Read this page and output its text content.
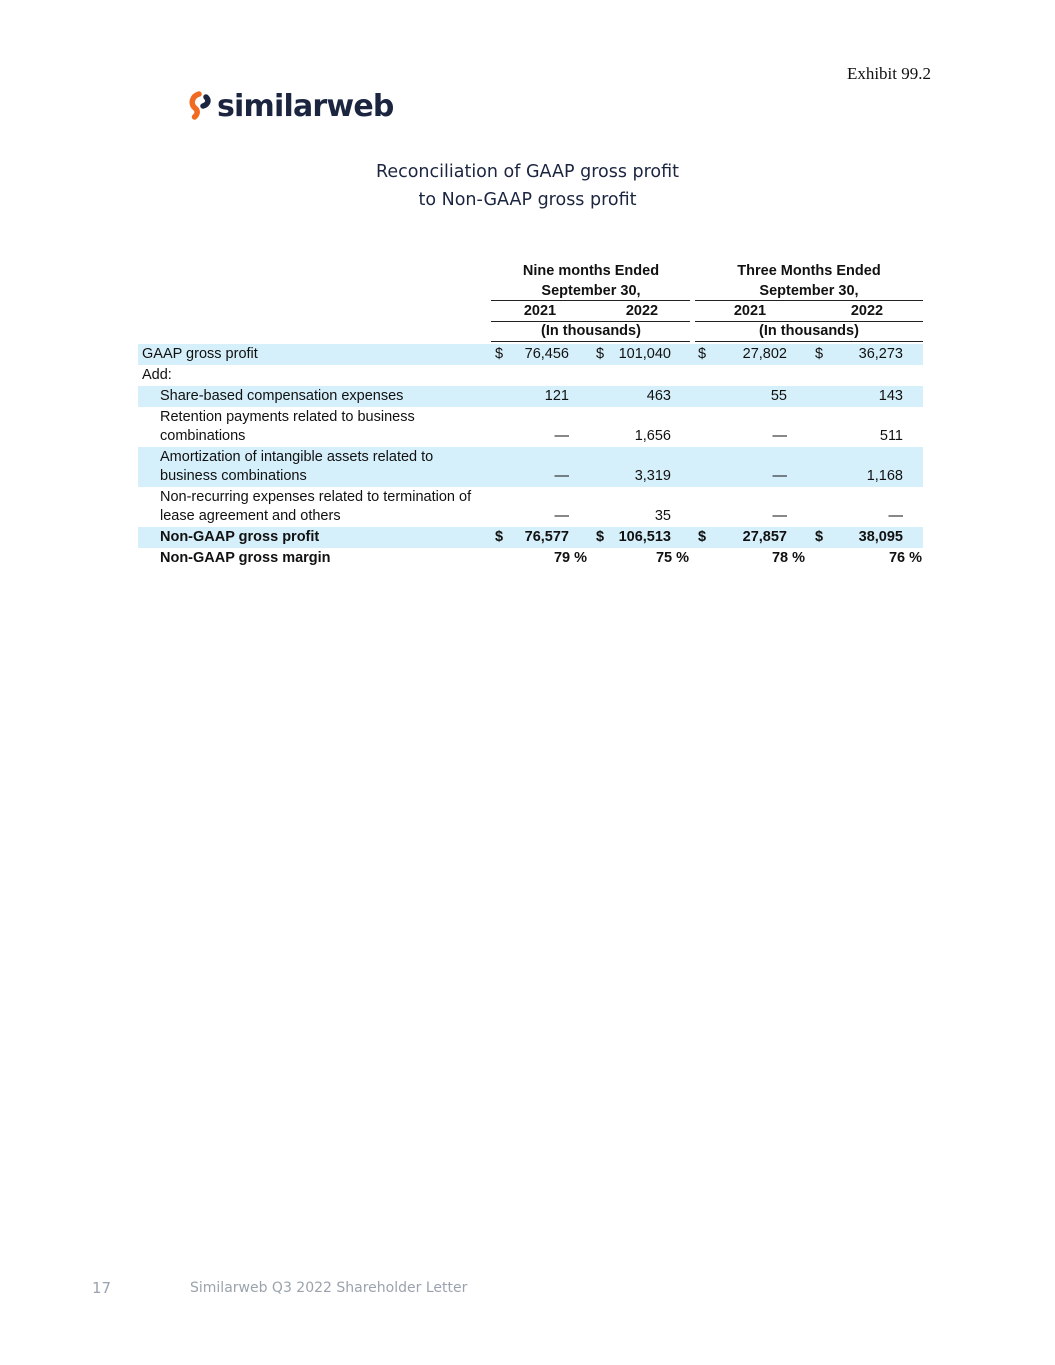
Exhibit 99.2
similarweb
Reconciliation of GAAP gross profit
to Non-GAAP gross profit
Nine months Ended	Three Months Ended
September 30,	September 30,
2021	2022	2021	2022
(In thousands)	(In thousands)
GAAP gross profit	$	76,456 $	101,040 $	27,802 $	36,273
Add:
Share-based compensation expenses	121	463	55	143
Retention payments related to business
combinations	—	1,656	—	511
Amortization of intangible assets related to
business combinations	—	3,319	—	1,168
Non-recurring expenses related to termination of
lease agreement and others	—	35	—	—
Non-GAAP gross profit	$	76,577 $	106,513 $	27,857 $	38,095
Non-GAAP gross margin	79 %	75 %	78 %	76 %
17	Similarweb Q3 2022 Shareholder Letter
